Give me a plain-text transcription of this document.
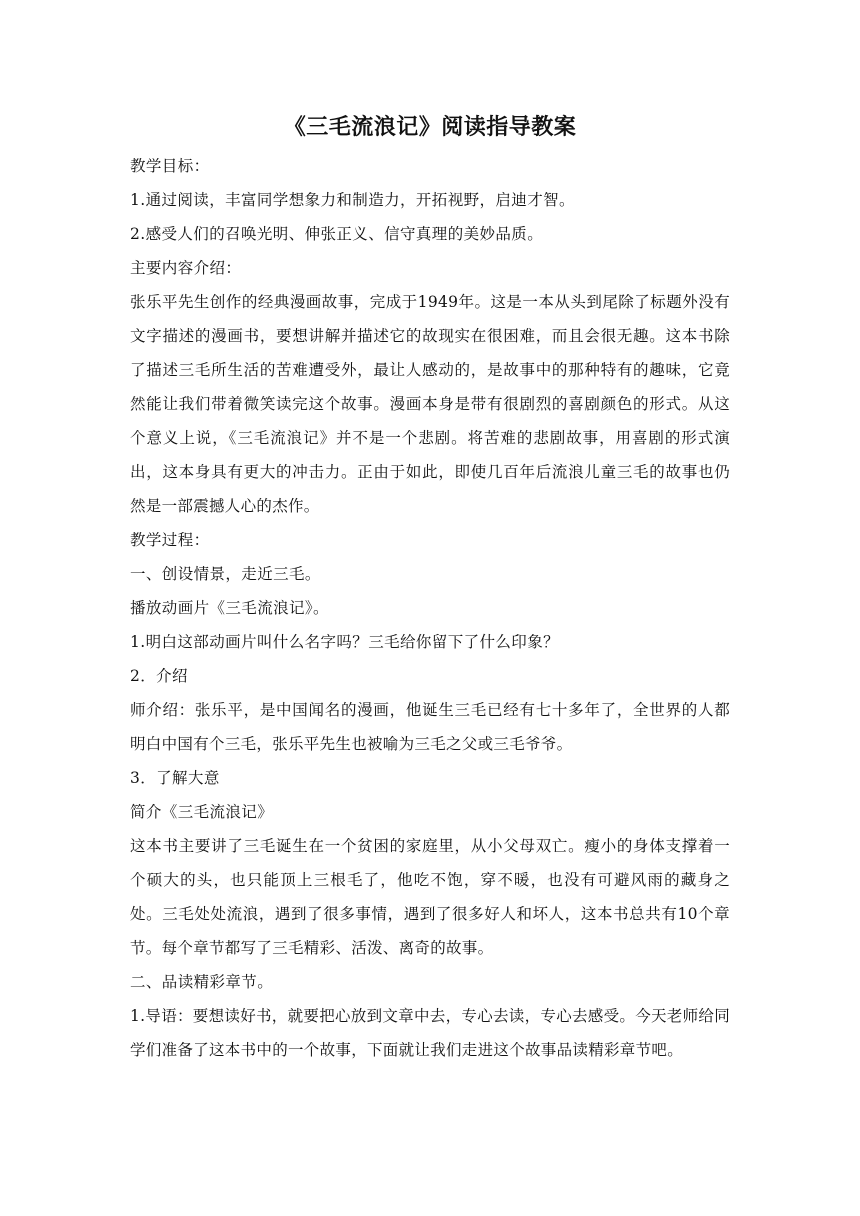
《三毛流浪记》阅读指导教案

教学目标：

1.通过阅读，丰富同学想象力和制造力，开拓视野，启迪才智。

2.感受人们的召唤光明、伸张正义、信守真理的美妙品质。

主要内容介绍：

张乐平先生创作的经典漫画故事，完成于1949年。这是一本从头到尾除了标题外没有文字描述的漫画书，要想讲解并描述它的故现实在很困难，而且会很无趣。这本书除了描述三毛所生活的苦难遭受外，最让人感动的，是故事中的那种特有的趣味，它竟然能让我们带着微笑读完这个故事。漫画本身是带有很剧烈的喜剧颜色的形式。从这个意义上说，《三毛流浪记》并不是一个悲剧。将苦难的悲剧故事，用喜剧的形式演出，这本身具有更大的冲击力。正由于如此，即使几百年后流浪儿童三毛的故事也仍然是一部震撼人心的杰作。

教学过程：

一、创设情景，走近三毛。

播放动画片《三毛流浪记》。

1.明白这部动画片叫什么名字吗？三毛给你留下了什么印象？

2．介绍

师介绍：张乐平，是中国闻名的漫画，他诞生三毛已经有七十多年了，全世界的人都明白中国有个三毛，张乐平先生也被喻为三毛之父或三毛爷爷。

3．了解大意

简介《三毛流浪记》

这本书主要讲了三毛诞生在一个贫困的家庭里，从小父母双亡。瘦小的身体支撑着一个硕大的头，也只能顶上三根毛了，他吃不饱，穿不暖，也没有可避风雨的藏身之处。三毛处处流浪，遇到了很多事情，遇到了很多好人和坏人，这本书总共有10个章节。每个章节都写了三毛精彩、活泼、离奇的故事。

二、品读精彩章节。

1.导语：要想读好书，就要把心放到文章中去，专心去读，专心去感受。今天老师给同学们准备了这本书中的一个故事，下面就让我们走进这个故事品读精彩章节吧。
